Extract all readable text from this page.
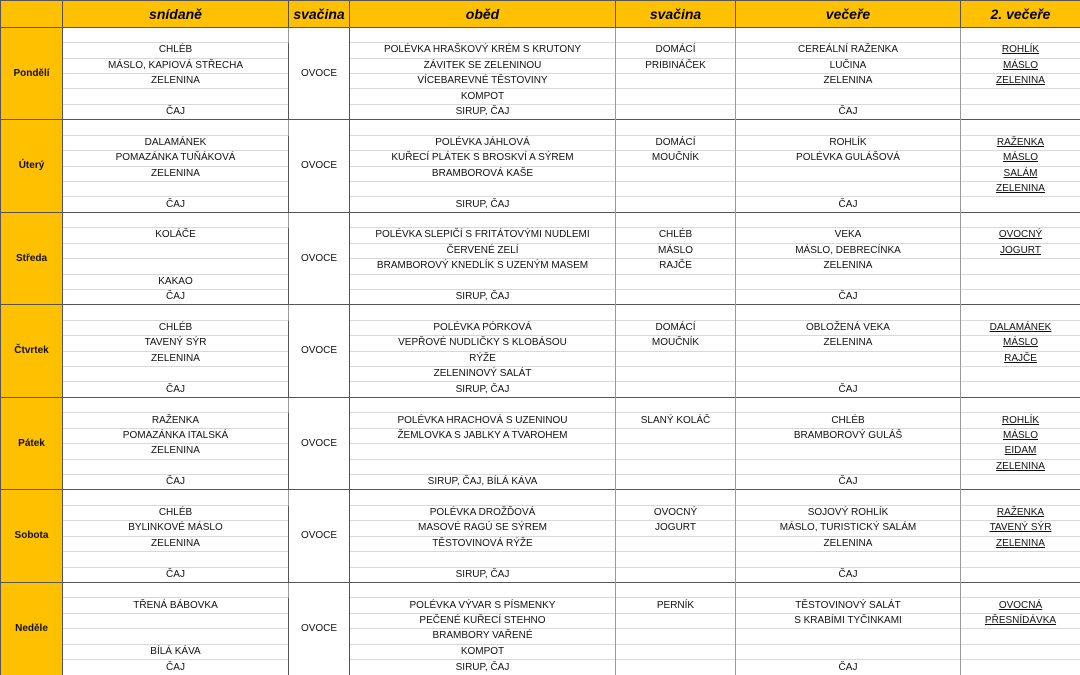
	snídaně	svačina	oběd	svačina	večeře	2. večeře
Pondělí		OVOCE				
	CHLÉB		POLÉVKA HRAŠKOVÝ KRÉM S KRUTONY	DOMÁCÍ	CEREÁLNÍ RAŽENKA	ROHLÍK
	MÁSLO, KAPIOVÁ STŘECHA		ZÁVITEK SE ZELENINOU	PRIBINÁČEK	LUČINA	MÁSLO
	ZELENINA		VÍCEBAREVNÉ TĚSTOVINY		ZELENINA	ZELENINA
			KOMPOT			
	ČAJ		SIRUP, ČAJ		ČAJ	
Úterý		OVOCE				
	DALAMÁNEK		POLÉVKA JÁHLOVÁ	DOMÁCÍ	ROHLÍK	RAŽENKA
	POMAZÁNKA TUŇÁKOVÁ		KUŘECÍ PLÁTEK S BROSKVÍ A SÝREM	MOUČNÍK	POLÉVKA GULÁŠOVÁ	MÁSLO
	ZELENINA		BRAMBOROVÁ KAŠE			SALÁM
						ZELENINA
	ČAJ		SIRUP, ČAJ		ČAJ	
Středa		OVOCE				
	KOLÁČE		POLÉVKA SLEPIČÍ S FRITÁTOVÝMI NUDLEMI	CHLÉB	VEKA	OVOCNÝ
			ČERVENÉ ZELÍ	MÁSLO	MÁSLO, DEBRECÍNKA	JOGURT
			BRAMBOROVÝ KNEDLÍK S UZENÝM MASEM	RAJČE	ZELENINA	
	KAKAO					
	ČAJ		SIRUP, ČAJ		ČAJ	
Čtvrtek		OVOCE				
	CHLÉB		POLÉVKA PÓRKOVÁ	DOMÁCÍ	OBLOŽENÁ VEKA	DALAMÁNEK
	TAVENÝ SÝR		VEPŘOVÉ NUDLIČKY S KLOBÁSOU	MOUČNÍK	ZELENINA	MÁSLO
	ZELENINA		RÝŽE			RAJČE
			ZELENINOVÝ SALÁT			
	ČAJ		SIRUP, ČAJ		ČAJ	
Pátek		OVOCE				
	RAŽENKA		POLÉVKA HRACHOVÁ S UZENINOU	SLANÝ KOLÁČ	CHLÉB	ROHLÍK
	POMAZÁNKA ITALSKÁ		ŽEMLOVKA S JABLKY A TVAROHEM		BRAMBOROVÝ GULÁŠ	MÁSLO
	ZELENINA					EIDAM
						ZELENINA
	ČAJ		SIRUP, ČAJ, BÍLÁ KÁVA		ČAJ	
Sobota		OVOCE				
	CHLÉB		POLÉVKA DROŽĎOVÁ	OVOCNÝ	SOJOVÝ ROHLÍK	RAŽENKA
	BYLINKOVÉ MÁSLO		MASOVÉ RAGÚ SE SÝREM	JOGURT	MÁSLO, TURISTICKÝ SALÁM	TAVENÝ SÝR
	ZELENINA		TĚSTOVINOVÁ RÝŽE		ZELENINA	ZELENINA

	ČAJ		SIRUP, ČAJ		ČAJ	
Neděle		OVOCE				
	TŘENÁ BÁBOVKA		POLÉVKA VÝVAR S PÍSMENKY	PERNÍK	TĚSTOVINOVÝ SALÁT	OVOCNÁ
			PEČENÉ KUŘECÍ STEHNO		S KRABÍMI TYČINKAMI	PŘESNÍDÁVKA
			BRAMBORY VAŘENÉ			
	BÍLÁ KÁVA		KOMPOT			
	ČAJ		SIRUP, ČAJ		ČAJ	
